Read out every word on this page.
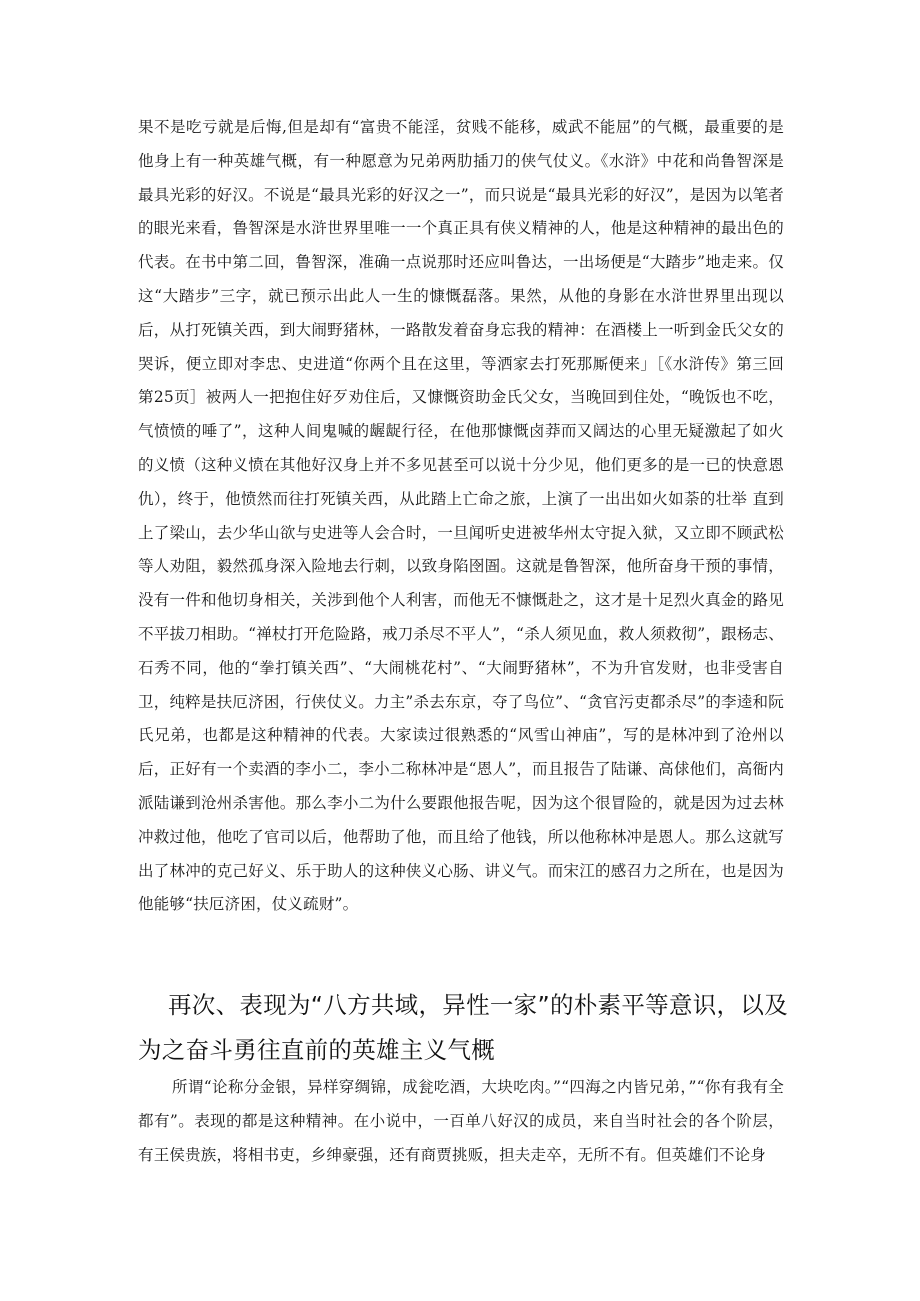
果不是吃亏就是后悔,但是却有“富贵不能淫，贫贱不能移，威武不能屈”的气概，最重要的是他身上有一种英雄气概，有一种愿意为兄弟两肋插刀的侠气仗义。《水浒》中花和尚鲁智深是最具光彩的好汉。不说是“最具光彩的好汉之一”，而只说是“最具光彩的好汉”，是因为以笔者的眼光来看，鲁智深是水浒世界里唯一一个真正具有侠义精神的人，他是这种精神的最出色的代表。在书中第二回，鲁智深，准确一点说那时还应叫鲁达，一出场便是“大踏步”地走来。仅这“大踏步”三字，就已预示出此人一生的慷慨磊落。果然，从他的身影在水浒世界里出现以后，从打死镇关西，到大闹野猪林，一路散发着奋身忘我的精神：在酒楼上一听到金氏父女的哭诉，便立即对李忠、史进道“你两个且在这里，等洒家去打死那厮便来」［《水浒传》第三回第25页］被两人一把抱住好歹劝住后，又慷慨资助金氏父女，当晚回到住处，“晚饭也不吃，气愤愤的唾了”，这种人间鬼喊的龌龊行径，在他那慷慨卤莽而又阔达的心里无疑激起了如火的义愤（这种义愤在其他好汉身上并不多见甚至可以说十分少见，他们更多的是一已的快意恩仇），终于，他愤然而往打死镇关西，从此踏上亡命之旅，上演了一出出如火如荼的壮举 直到上了梁山，去少华山欲与史进等人会合时，一旦闻听史进被华州太守捉入狱，又立即不顾武松等人劝阻，毅然孤身深入险地去行刺，以致身陷囹圄。这就是鲁智深，他所奋身干预的事情，没有一件和他切身相关，关涉到他个人利害，而他无不慷慨赴之，这才是十足烈火真金的路见不平拔刀相助。“禅杖打开危险路，戒刀杀尽不平人”，“杀人须见血，救人须救彻”，跟杨志、石秀不同，他的“拳打镇关西”、“大闹桃花村”、“大闹野猪林”，不为升官发财，也非受害自卫，纯粹是扶厄济困，行侠仗义。力主”杀去东京，夺了鸟位”、“贪官污吏都杀尽”的李逵和阮氏兄弟，也都是这种精神的代表。大家读过很熟悉的“风雪山神庙”，写的是林冲到了沧州以后，正好有一个卖酒的李小二，李小二称林冲是“恩人”，而且报告了陆谦、高俅他们，高衙内派陆谦到沧州杀害他。那么李小二为什么要跟他报告呢，因为这个很冒险的，就是因为过去林冲救过他，他吃了官司以后，他帮助了他，而且给了他钱，所以他称林冲是恩人。那么这就写出了林冲的克己好义、乐于助人的这种侠义心肠、讲义气。而宋江的感召力之所在，也是因为他能够“扶厄济困，仗义疏财”。

再次、表现为“八方共域，异性一家”的朴素平等意识，以及为之奋斗勇往直前的英雄主义气概

所谓“论称分金银，异样穿绸锦，成瓮吃酒，大块吃肉。”“四海之内皆兄弟，”“你有我有全都有”。表现的都是这种精神。在小说中，一百单八好汉的成员，来自当时社会的各个阶层，有王侯贵族，将相书吏，乡绅豪强，还有商贾挑贩，担夫走卒，无所不有。但英雄们不论身
